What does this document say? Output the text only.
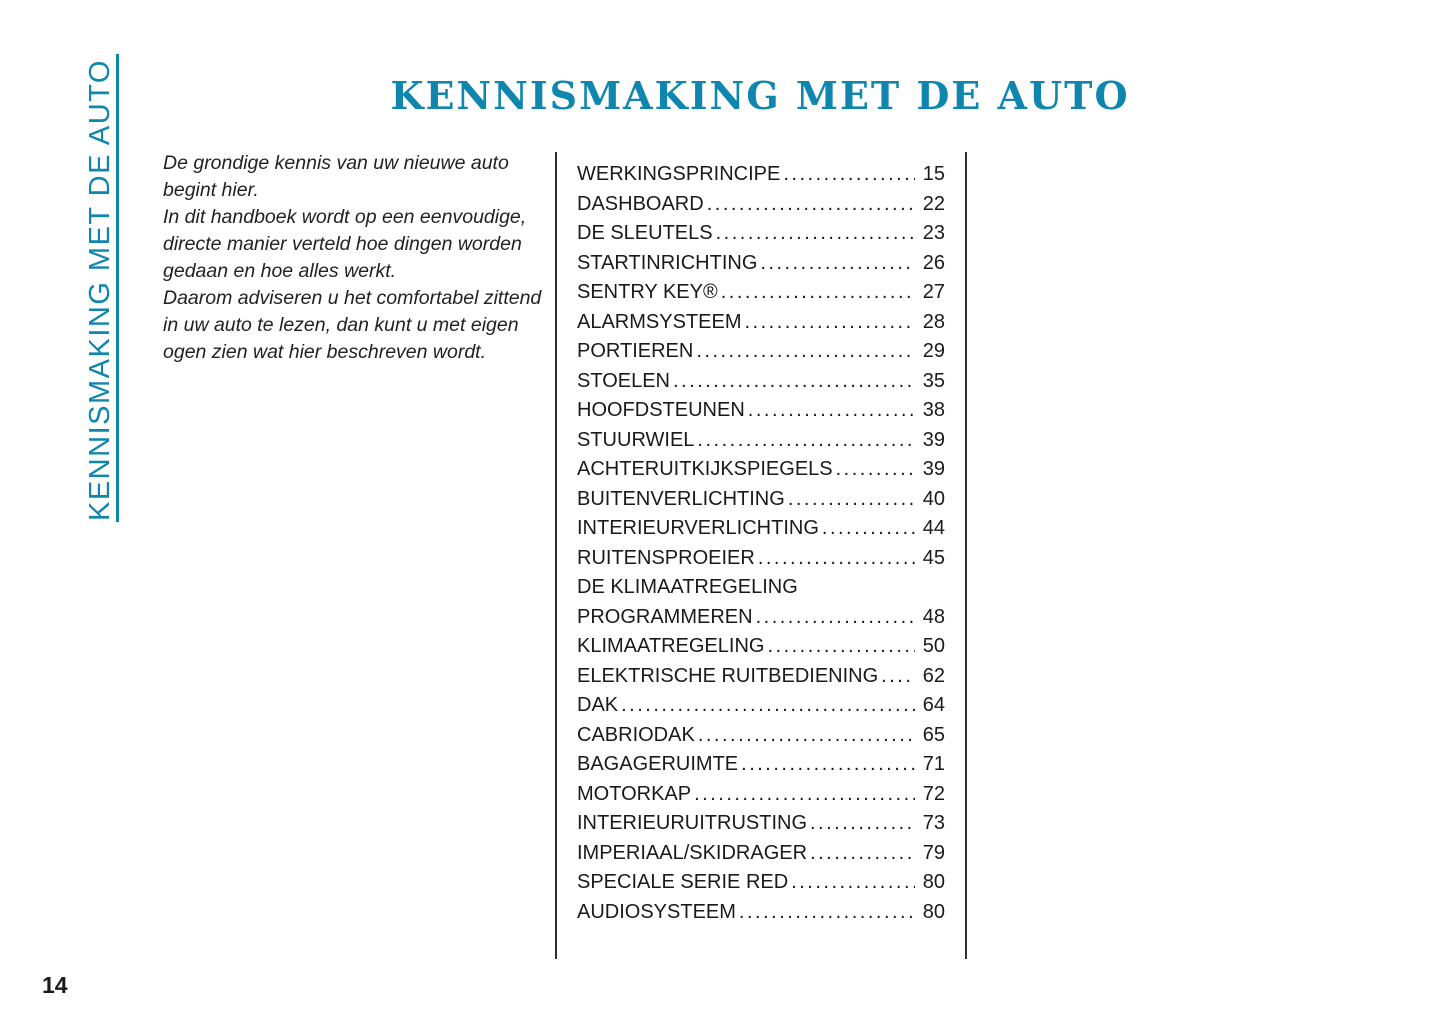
KENNISMAKING MET DE AUTO	KENNISMAKING MET DE AUTO

De grondige kennis van uw nieuwe auto begint hier.

In dit handboek wordt op een eenvoudige, directe manier verteld hoe dingen worden gedaan en hoe alles werkt.

Daarom adviseren u het comfortabel zittend in uw auto te lezen, dan kunt u met eigen ogen zien wat hier beschreven wordt.

WERKINGSPRINCIPE .....	15
DASHBOARD .....	22
DE SLEUTELS .....	23
STARTINRICHTING .....	26
SENTRY KEY® .....	27
ALARMSYSTEEM .....	28
PORTIEREN .....	29
STOELEN .....	35
HOOFDSTEUNEN .....	38
STUURWIEL .....	39
ACHTERUITKIJKSPIEGELS .....	39
BUITENVERLICHTING .....	40
INTERIEURVERLICHTING .....	44
RUITENSPROEIER .....	45
DE KLIMAATREGELING
PROGRAMMEREN .....	48
KLIMAATREGELING .....	50
ELEKTRISCHE RUITBEDIENING ..... 62
DAK .....	64
CABRIODAK .....	65
BAGAGERUIMTE .....	71
MOTORKAP .....	72
INTERIEURUITRUSTING .....	73
IMPERIAAL/SKIDRAGER .....	79
SPECIALE SERIE RED .....	80
AUDIOSYSTEEM .....	80
14
